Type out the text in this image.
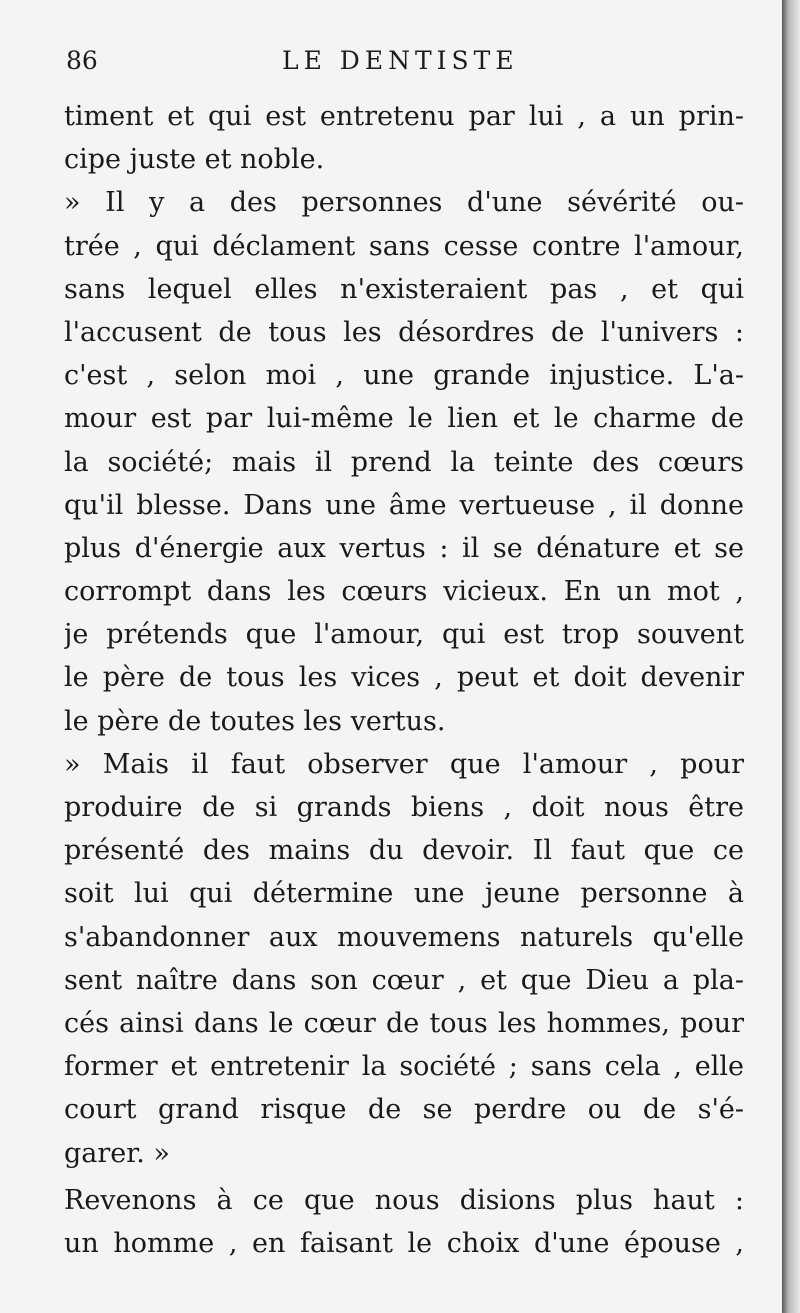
86	LE DENTISTE
timent et qui est entretenu par lui , a un prin-
cipe juste et noble.
» Il y a des personnes d'une sévérité ou-
trée , qui déclament sans cesse contre l'amour,
sans lequel elles n'existeraient pas , et qui
l'accusent de tous les désordres de l'univers :
c'est , selon moi , une grande injustice. L'a-
mour est par lui-même le lien et le charme de
la société; mais il prend la teinte des cœurs
qu'il blesse. Dans une âme vertueuse , il donne
plus d'énergie aux vertus : il se dénature et se
corrompt dans les cœurs vicieux. En un mot ,
je prétends que l'amour, qui est trop souvent
le père de tous les vices , peut et doit devenir
le père de toutes les vertus.
» Mais il faut observer que l'amour , pour
produire de si grands biens , doit nous être
présenté des mains du devoir. Il faut que ce
soit lui qui détermine une jeune personne à
s'abandonner aux mouvemens naturels qu'elle
sent naître dans son cœur , et que Dieu a pla-
cés ainsi dans le cœur de tous les hommes, pour
former et entretenir la société ; sans cela , elle
court grand risque de se perdre ou de s'é-
garer. »
Revenons à ce que nous disions plus haut :
un homme , en faisant le choix d'une épouse ,
